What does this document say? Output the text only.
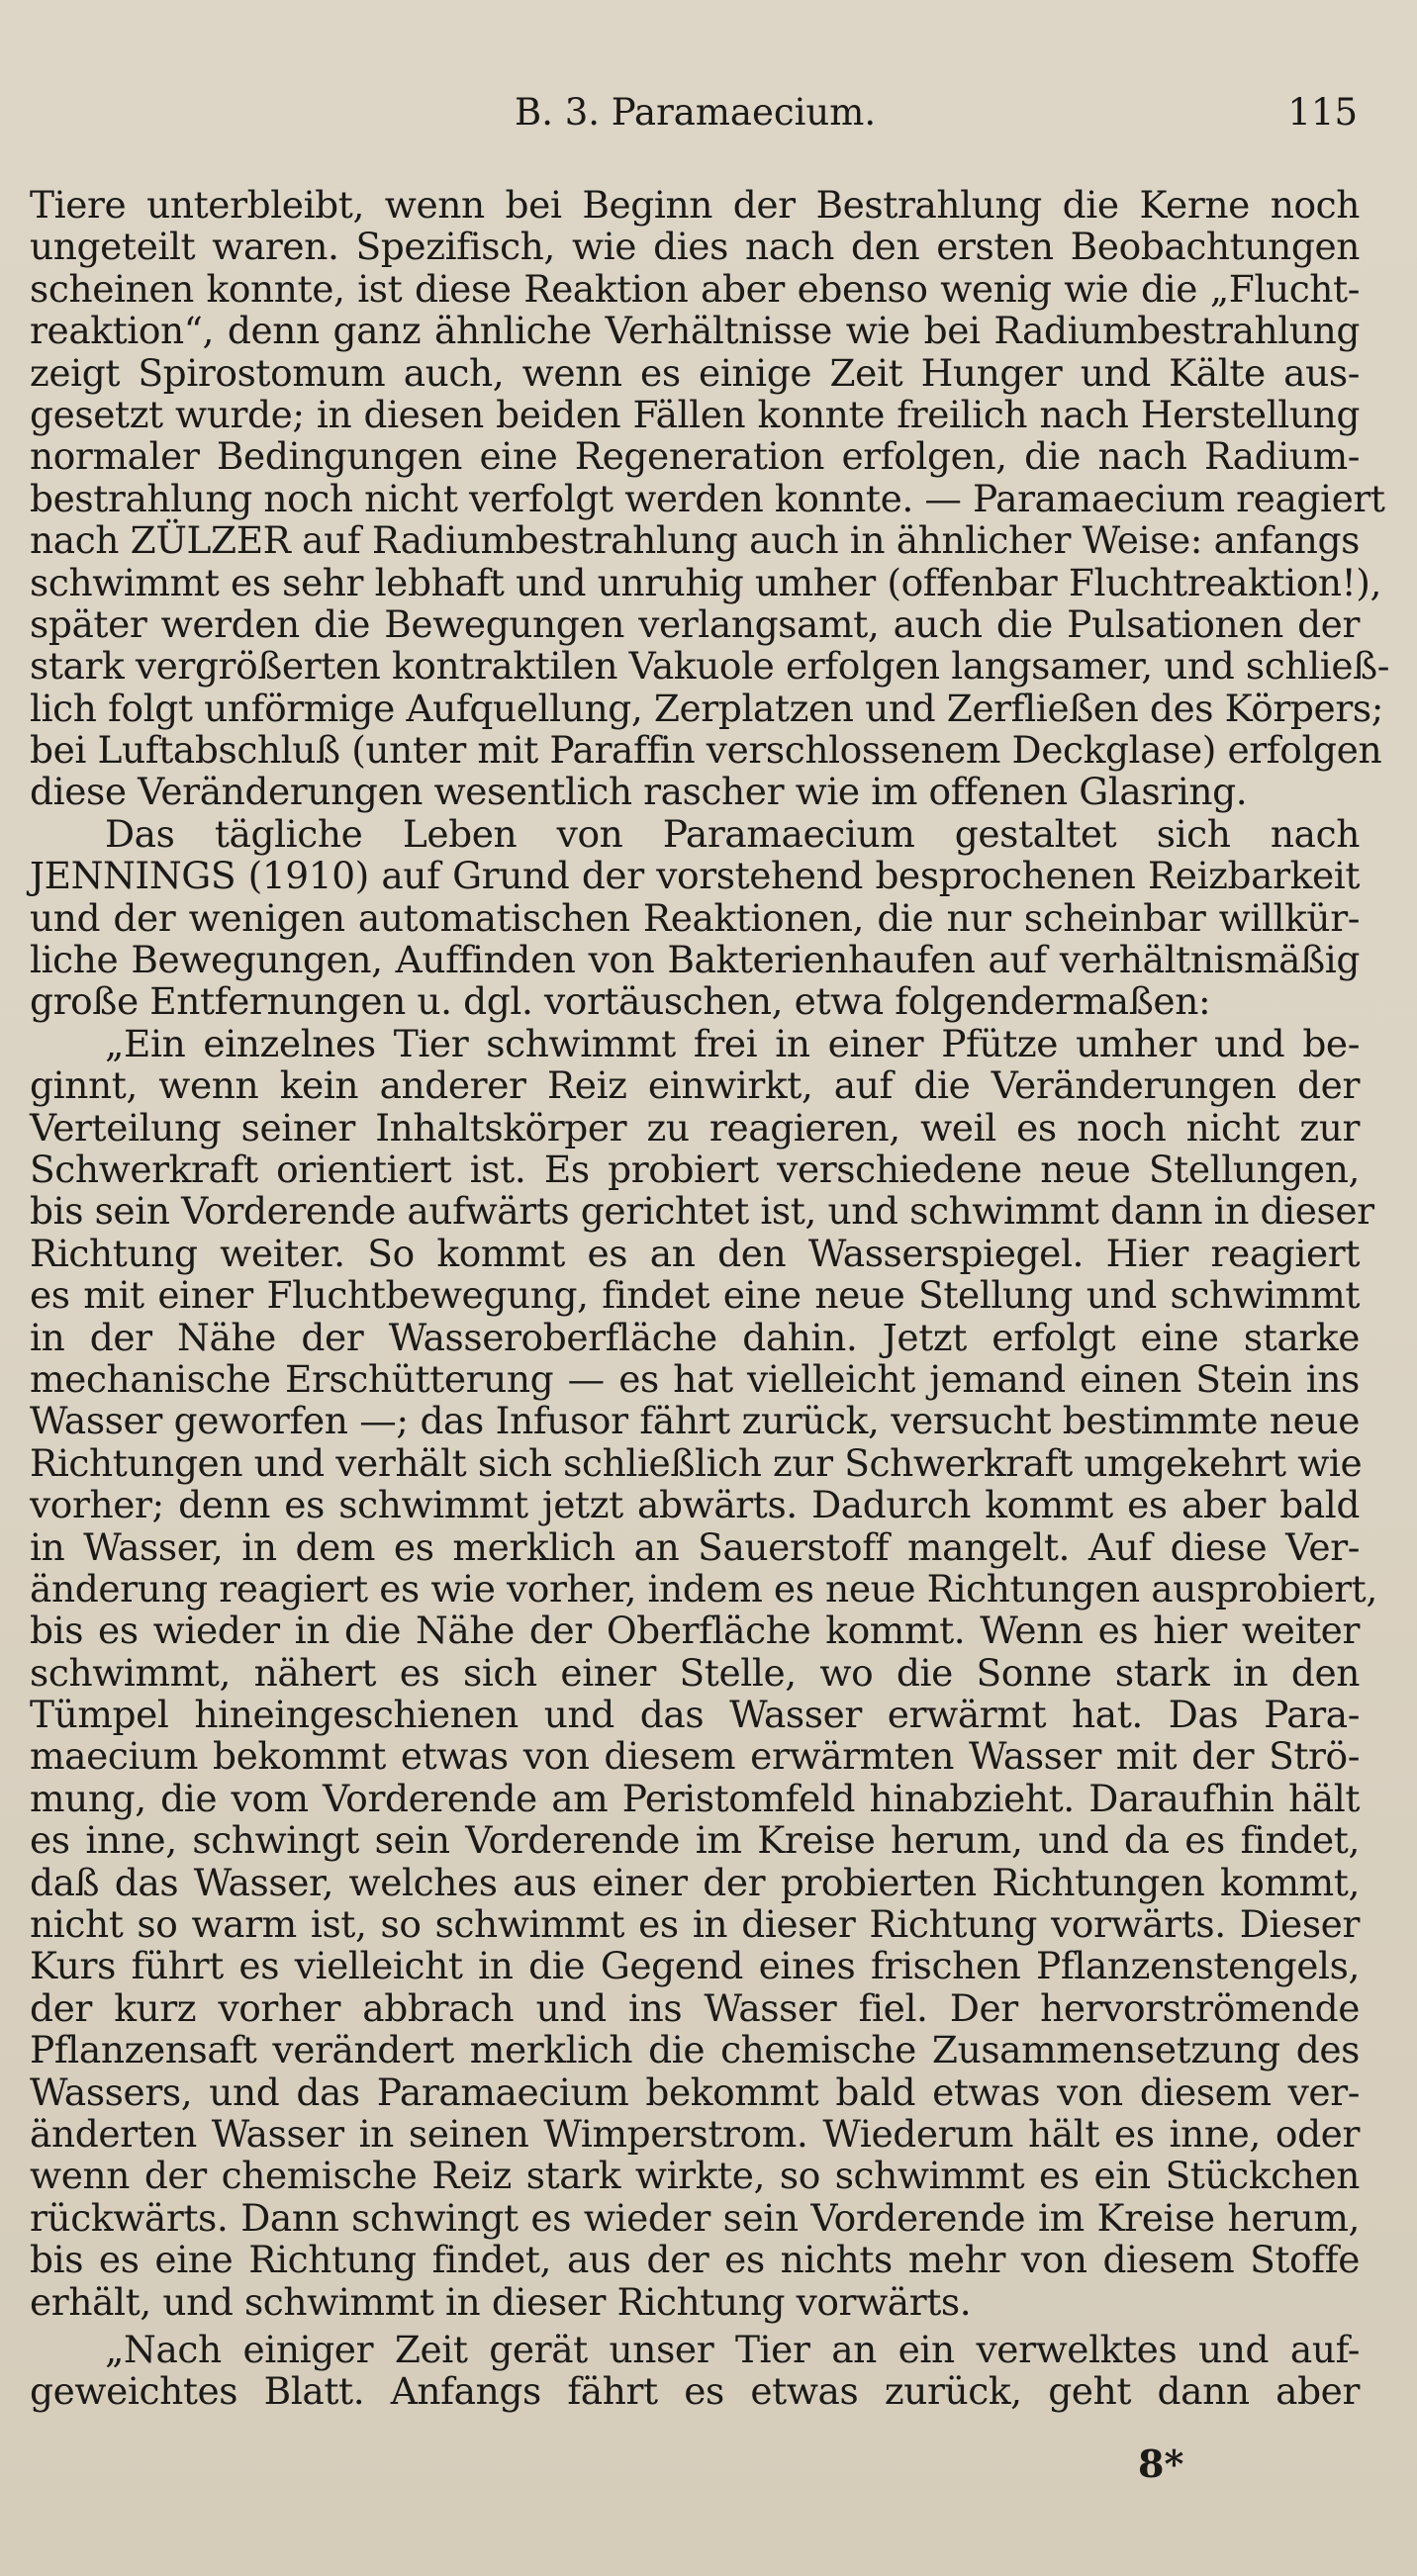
B. 3. Paramaecium.	115
Tiere unterbleibt, wenn bei Beginn der Bestrahlung die Kerne noch
ungeteilt waren. Spezifisch, wie dies nach den ersten Beobachtungen
scheinen konnte, ist diese Reaktion aber ebenso wenig wie die „Flucht-
reaktion“, denn ganz ähnliche Verhältnisse wie bei Radiumbestrahlung
zeigt Spirostomum auch, wenn es einige Zeit Hunger und Kälte aus-
gesetzt wurde; in diesen beiden Fällen konnte freilich nach Herstellung
normaler Bedingungen eine Regeneration erfolgen, die nach Radium-
bestrahlung noch nicht verfolgt werden konnte. — Paramaecium reagiert
nach ZÜLZER auf Radiumbestrahlung auch in ähnlicher Weise: anfangs
schwimmt es sehr lebhaft und unruhig umher (offenbar Fluchtreaktion!),
später werden die Bewegungen verlangsamt, auch die Pulsationen der
stark vergrößerten kontraktilen Vakuole erfolgen langsamer, und schließ-
lich folgt unförmige Aufquellung, Zerplatzen und Zerfließen des Körpers;
bei Luftabschluß (unter mit Paraffin verschlossenem Deckglase) erfolgen
diese Veränderungen wesentlich rascher wie im offenen Glasring.
Das tägliche Leben von Paramaecium gestaltet sich nach
JENNINGS (1910) auf Grund der vorstehend besprochenen Reizbarkeit
und der wenigen automatischen Reaktionen, die nur scheinbar willkür-
liche Bewegungen, Auffinden von Bakterienhaufen auf verhältnismäßig
große Entfernungen u. dgl. vortäuschen, etwa folgendermaßen:
„Ein einzelnes Tier schwimmt frei in einer Pfütze umher und be-
ginnt, wenn kein anderer Reiz einwirkt, auf die Veränderungen der
Verteilung seiner Inhaltskörper zu reagieren, weil es noch nicht zur
Schwerkraft orientiert ist. Es probiert verschiedene neue Stellungen,
bis sein Vorderende aufwärts gerichtet ist, und schwimmt dann in dieser
Richtung weiter. So kommt es an den Wasserspiegel. Hier reagiert
es mit einer Fluchtbewegung, findet eine neue Stellung und schwimmt
in der Nähe der Wasseroberfläche dahin. Jetzt erfolgt eine starke
mechanische Erschütterung — es hat vielleicht jemand einen Stein ins
Wasser geworfen —; das Infusor fährt zurück, versucht bestimmte neue
Richtungen und verhält sich schließlich zur Schwerkraft umgekehrt wie
vorher; denn es schwimmt jetzt abwärts. Dadurch kommt es aber bald
in Wasser, in dem es merklich an Sauerstoff mangelt. Auf diese Ver-
änderung reagiert es wie vorher, indem es neue Richtungen ausprobiert,
bis es wieder in die Nähe der Oberfläche kommt. Wenn es hier weiter
schwimmt, nähert es sich einer Stelle, wo die Sonne stark in den
Tümpel hineingeschienen und das Wasser erwärmt hat. Das Para-
maecium bekommt etwas von diesem erwärmten Wasser mit der Strö-
mung, die vom Vorderende am Peristomfeld hinabzieht. Daraufhin hält
es inne, schwingt sein Vorderende im Kreise herum, und da es findet,
daß das Wasser, welches aus einer der probierten Richtungen kommt,
nicht so warm ist, so schwimmt es in dieser Richtung vorwärts. Dieser
Kurs führt es vielleicht in die Gegend eines frischen Pflanzenstengels,
der kurz vorher abbrach und ins Wasser fiel. Der hervorströmende
Pflanzensaft verändert merklich die chemische Zusammensetzung des
Wassers, und das Paramaecium bekommt bald etwas von diesem ver-
änderten Wasser in seinen Wimperstrom. Wiederum hält es inne, oder
wenn der chemische Reiz stark wirkte, so schwimmt es ein Stückchen
rückwärts. Dann schwingt es wieder sein Vorderende im Kreise herum,
bis es eine Richtung findet, aus der es nichts mehr von diesem Stoffe
erhält, und schwimmt in dieser Richtung vorwärts.
„Nach einiger Zeit gerät unser Tier an ein verwelktes und auf-
geweichtes Blatt. Anfangs fährt es etwas zurück, geht dann aber
8*
